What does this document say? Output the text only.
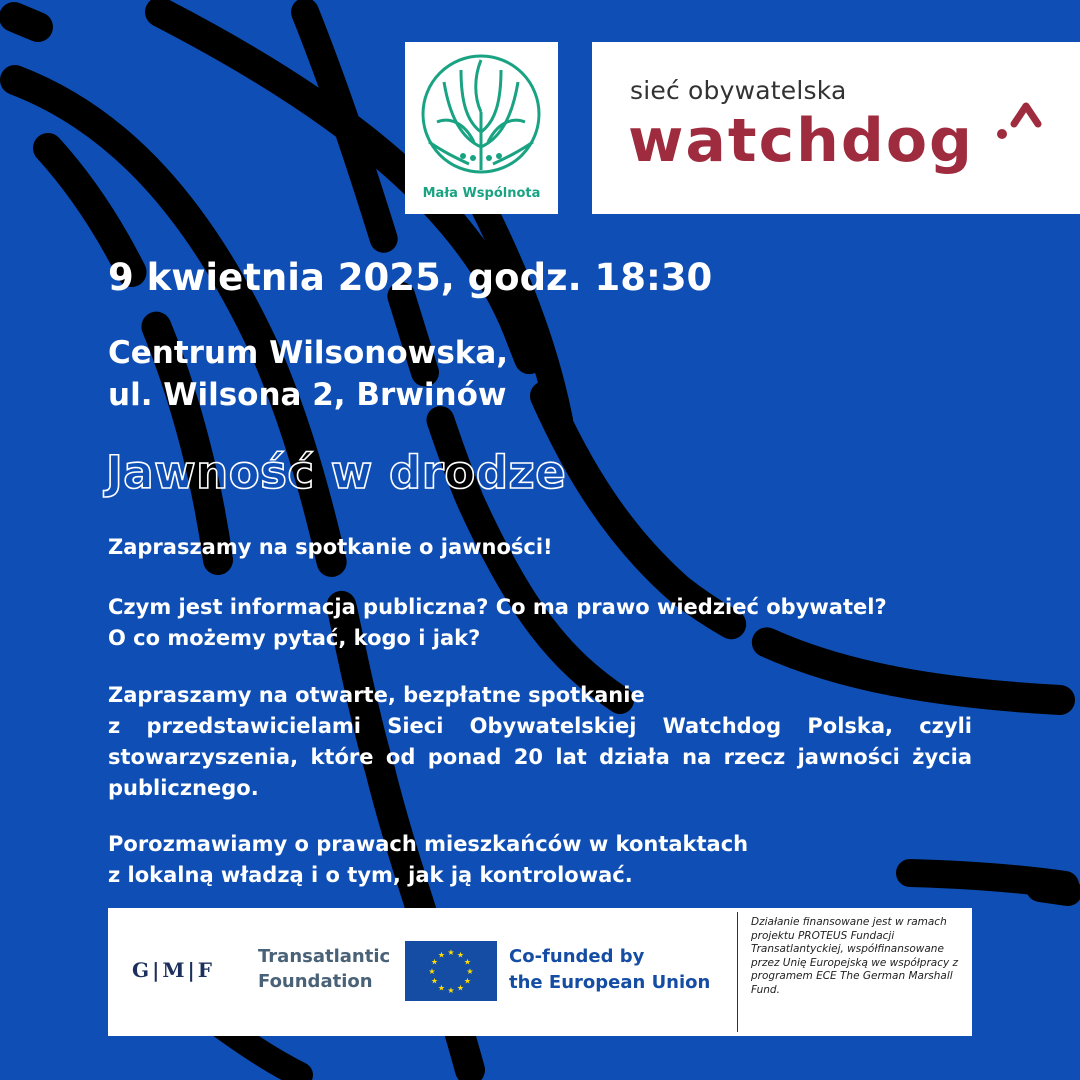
Mała Wspólnota
sieć obywatelska
watchdog
9 kwietnia 2025, godz. 18:30
Centrum Wilsonowska,
ul. Wilsona 2, Brwinów
Jawność w drodze
Zapraszamy na spotkanie o jawności!
Czym jest informacja publiczna? Co ma prawo wiedzieć obywatel?
O co możemy pytać, kogo i jak?
Zapraszamy na otwarte, bezpłatne spotkanie
z przedstawicielami Sieci Obywatelskiej Watchdog Polska, czyli stowarzyszenia, które od ponad 20 lat działa na rzecz jawności życia publicznego.
Porozmawiamy o prawach mieszkańców w kontaktach
z lokalną władzą i o tym, jak ją kontrolować.
G|M|F
Transatlantic
Foundation
★ ★
★
★
★
★
★
★
★
★
★
★	Co-funded by
the European Union
Działanie finansowane jest w ramach projektu PROTEUS Fundacji Transatlantyckiej, współfinansowane przez Unię Europejską we współpracy z programem ECE The German Marshall Fund.
